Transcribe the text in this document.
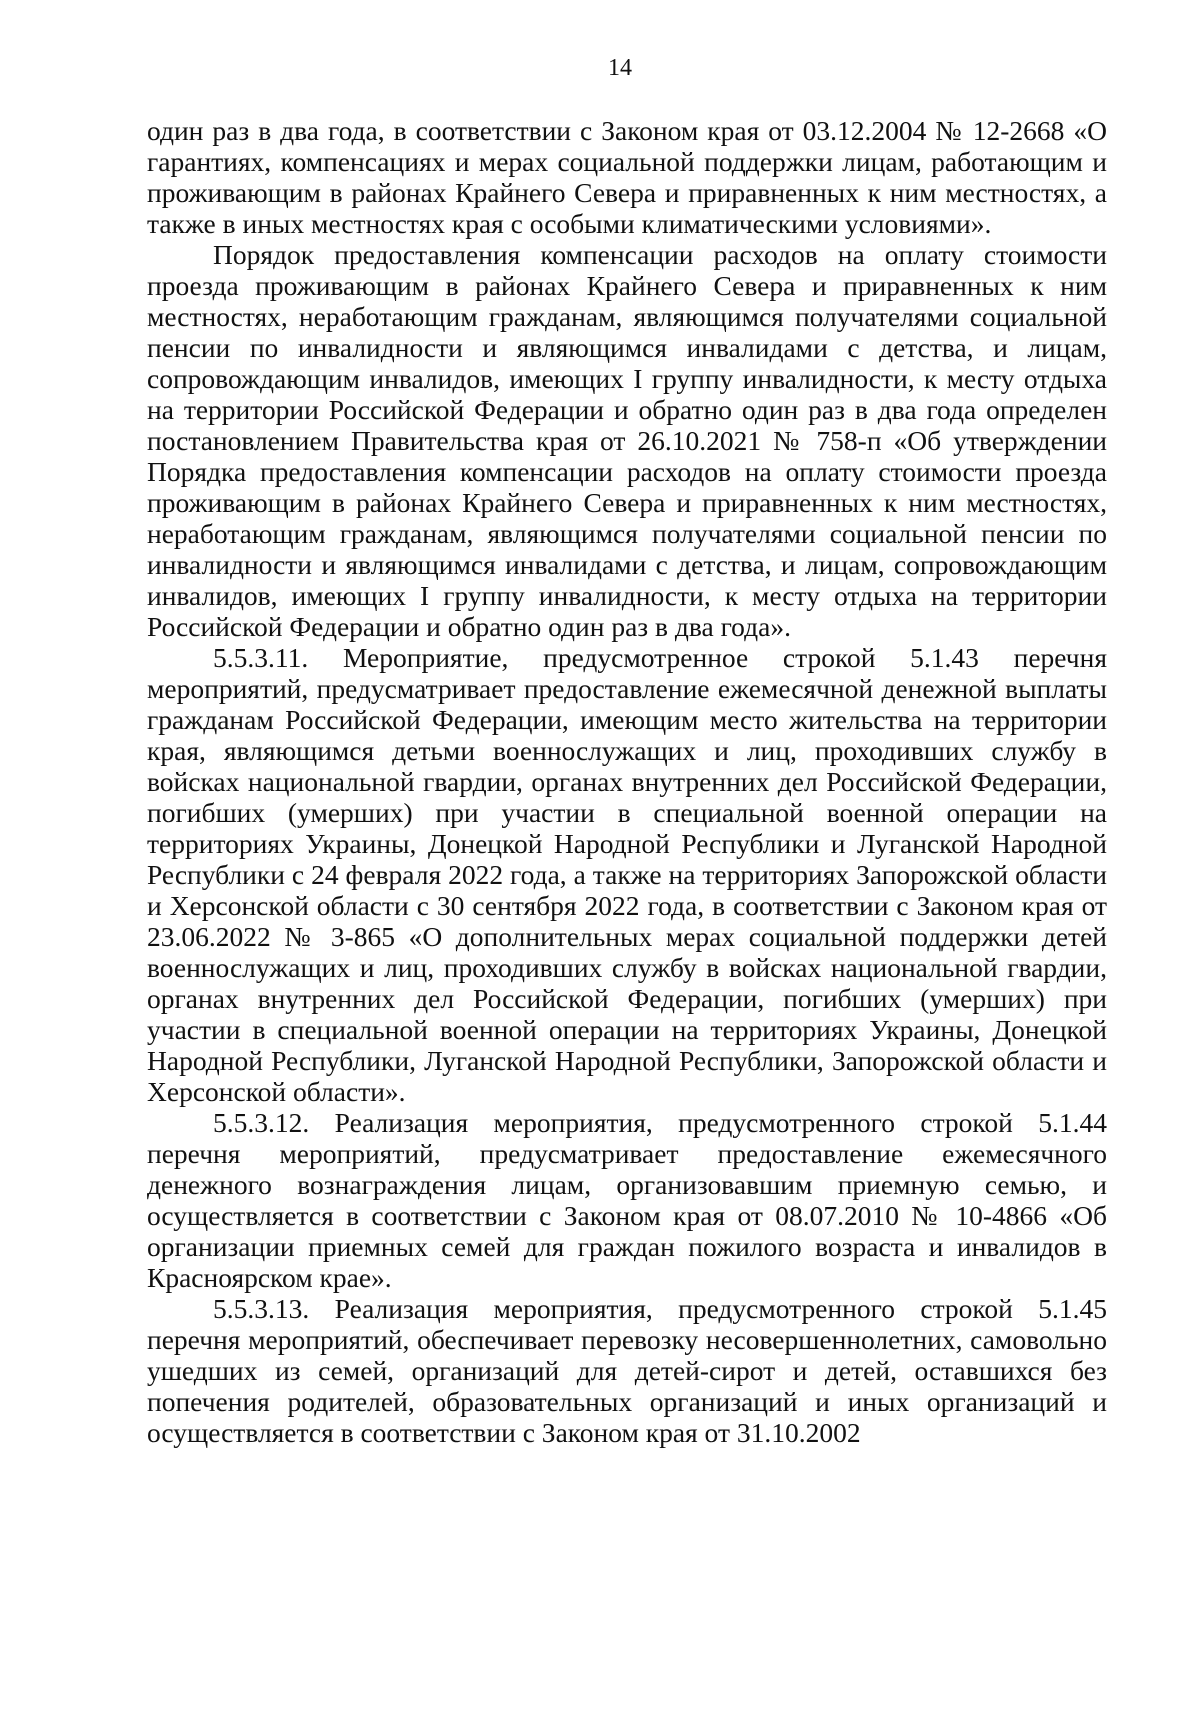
14

один раз в два года, в соответствии с Законом края от 03.12.2004 № 12-2668 «О гарантиях, компенсациях и мерах социальной поддержки лицам, работающим и проживающим в районах Крайнего Севера и приравненных к ним местностях, а также в иных местностях края с особыми климатическими условиями».

Порядок предоставления компенсации расходов на оплату стоимости проезда проживающим в районах Крайнего Севера и приравненных к ним местностях, неработающим гражданам, являющимся получателями социальной пенсии по инвалидности и являющимся инвалидами с детства, и лицам, сопровождающим инвалидов, имеющих I группу инвалидности, к месту отдыха на территории Российской Федерации и обратно один раз в два года определен постановлением Правительства края от 26.10.2021 № 758-п «Об утверждении Порядка предоставления компенсации расходов на оплату стоимости проезда проживающим в районах Крайнего Севера и приравненных к ним местностях, неработающим гражданам, являющимся получателями социальной пенсии по инвалидности и являющимся инвалидами с детства, и лицам, сопровождающим инвалидов, имеющих I группу инвалидности, к месту отдыха на территории Российской Федерации и обратно один раз в два года».

5.5.3.11. Мероприятие, предусмотренное строкой 5.1.43 перечня мероприятий, предусматривает предоставление ежемесячной денежной выплаты гражданам Российской Федерации, имеющим место жительства на территории края, являющимся детьми военнослужащих и лиц, проходивших службу в войсках национальной гвардии, органах внутренних дел Российской Федерации, погибших (умерших) при участии в специальной военной операции на территориях Украины, Донецкой Народной Республики и Луганской Народной Республики с 24 февраля 2022 года, а также на территориях Запорожской области и Херсонской области с 30 сентября 2022 года, в соответствии с Законом края от 23.06.2022 № 3-865 «О дополнительных мерах социальной поддержки детей военнослужащих и лиц, проходивших службу в войсках национальной гвардии, органах внутренних дел Российской Федерации, погибших (умерших) при участии в специальной военной операции на территориях Украины, Донецкой Народной Республики, Луганской Народной Республики, Запорожской области и Херсонской области».

5.5.3.12. Реализация мероприятия, предусмотренного строкой 5.1.44 перечня мероприятий, предусматривает предоставление ежемесячного денежного вознаграждения лицам, организовавшим приемную семью, и осуществляется в соответствии с Законом края от 08.07.2010 № 10-4866 «Об организации приемных семей для граждан пожилого возраста и инвалидов в Красноярском крае».

5.5.3.13. Реализация мероприятия, предусмотренного строкой 5.1.45 перечня мероприятий, обеспечивает перевозку несовершеннолетних, самовольно ушедших из семей, организаций для детей-сирот и детей, оставшихся без попечения родителей, образовательных организаций и иных организаций и осуществляется в соответствии с Законом края от 31.10.2002
